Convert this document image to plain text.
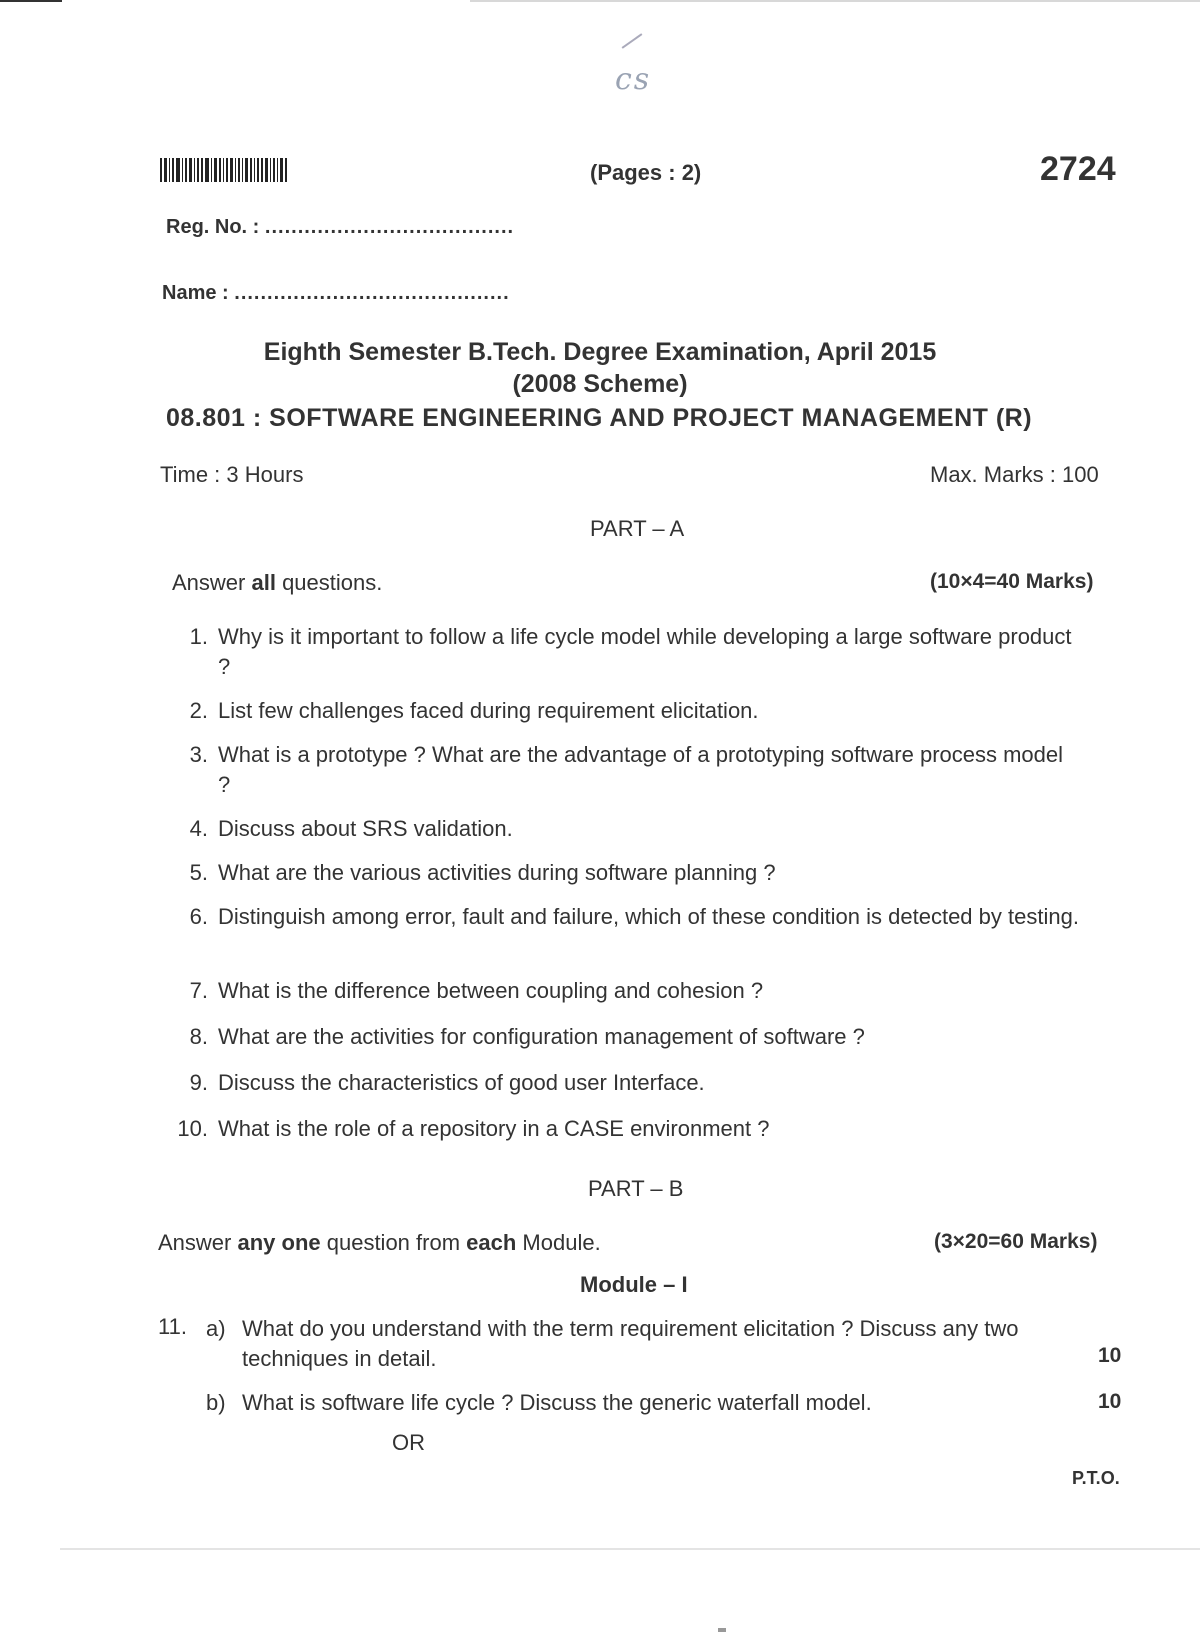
cs
(Pages : 2)	2724
Reg. No. : ......................................
Name : ..........................................
Eighth Semester B.Tech. Degree Examination, April 2015
(2008 Scheme)
08.801 : SOFTWARE ENGINEERING AND PROJECT MANAGEMENT (R)
Time : 3 Hours	Max. Marks : 100
PART – A
Answer all questions.	(10×4=40 Marks)
1. Why is it important to follow a life cycle model while developing a large software product ?
2. List few challenges faced during requirement elicitation.
3. What is a prototype ? What are the advantage of a prototyping software process model ?
4. Discuss about SRS validation.
5. What are the various activities during software planning ?
6. Distinguish among error, fault and failure, which of these condition is detected by testing.
7. What is the difference between coupling and cohesion ?
8. What are the activities for configuration management of software ?
9. Discuss the characteristics of good user Interface.
10. What is the role of a repository in a CASE environment ?
PART – B
Answer any one question from each Module.	(3×20=60 Marks)
Module – I
11. a) What do you understand with the term requirement elicitation ? Discuss any two techniques in detail.	10
b) What is software life cycle ? Discuss the generic waterfall model.	10
OR
P.T.O.
